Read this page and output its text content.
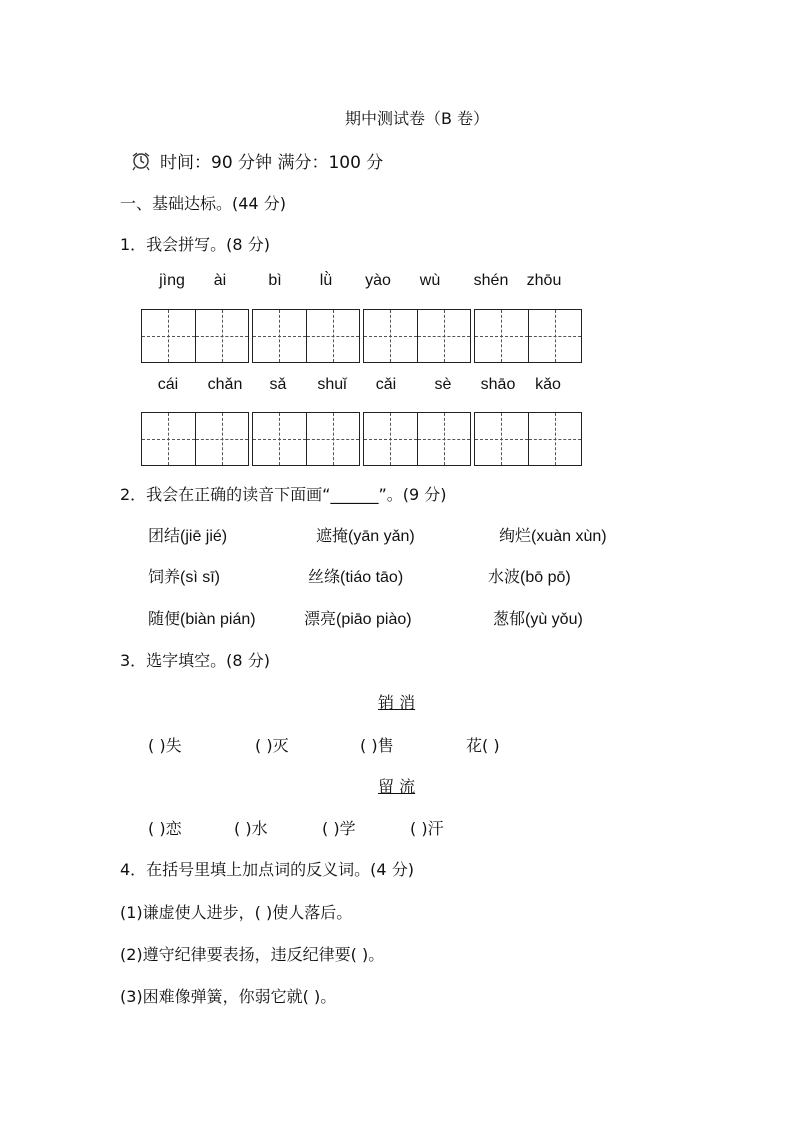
期中测试卷（B 卷）
时间：90 分钟 满分：100 分
一、基础达标。(44 分)
1．我会拼写。(8 分)
jìng	ài	bì	lǜ	yào	wù	shén	zhōu
cái	chǎn	sǎ	shuǐ	cǎi	sè	shāo	kǎo
2．我会在正确的读音下面画“______”。(9 分)
团结(jiē jié)	遮掩(yān yǎn)	绚烂(xuàn xùn)
饲养(sì sī)	丝绦(tiáo tāo)	水波(bō pō)
随便(biàn pián)	漂亮(piāo piào)	葱郁(yù yǒu)
3．选字填空。(8 分)
销 消
( )失	( )灭	( )售	花( )
留 流
( )恋	( )水	( )学	( )汗
4．在括号里填上加点词的反义词。(4 分)
(1)谦虚使人进步，( )使人落后。
(2)遵守纪律要表扬，违反纪律要( )。
(3)困难像弹簧，你弱它就( )。
